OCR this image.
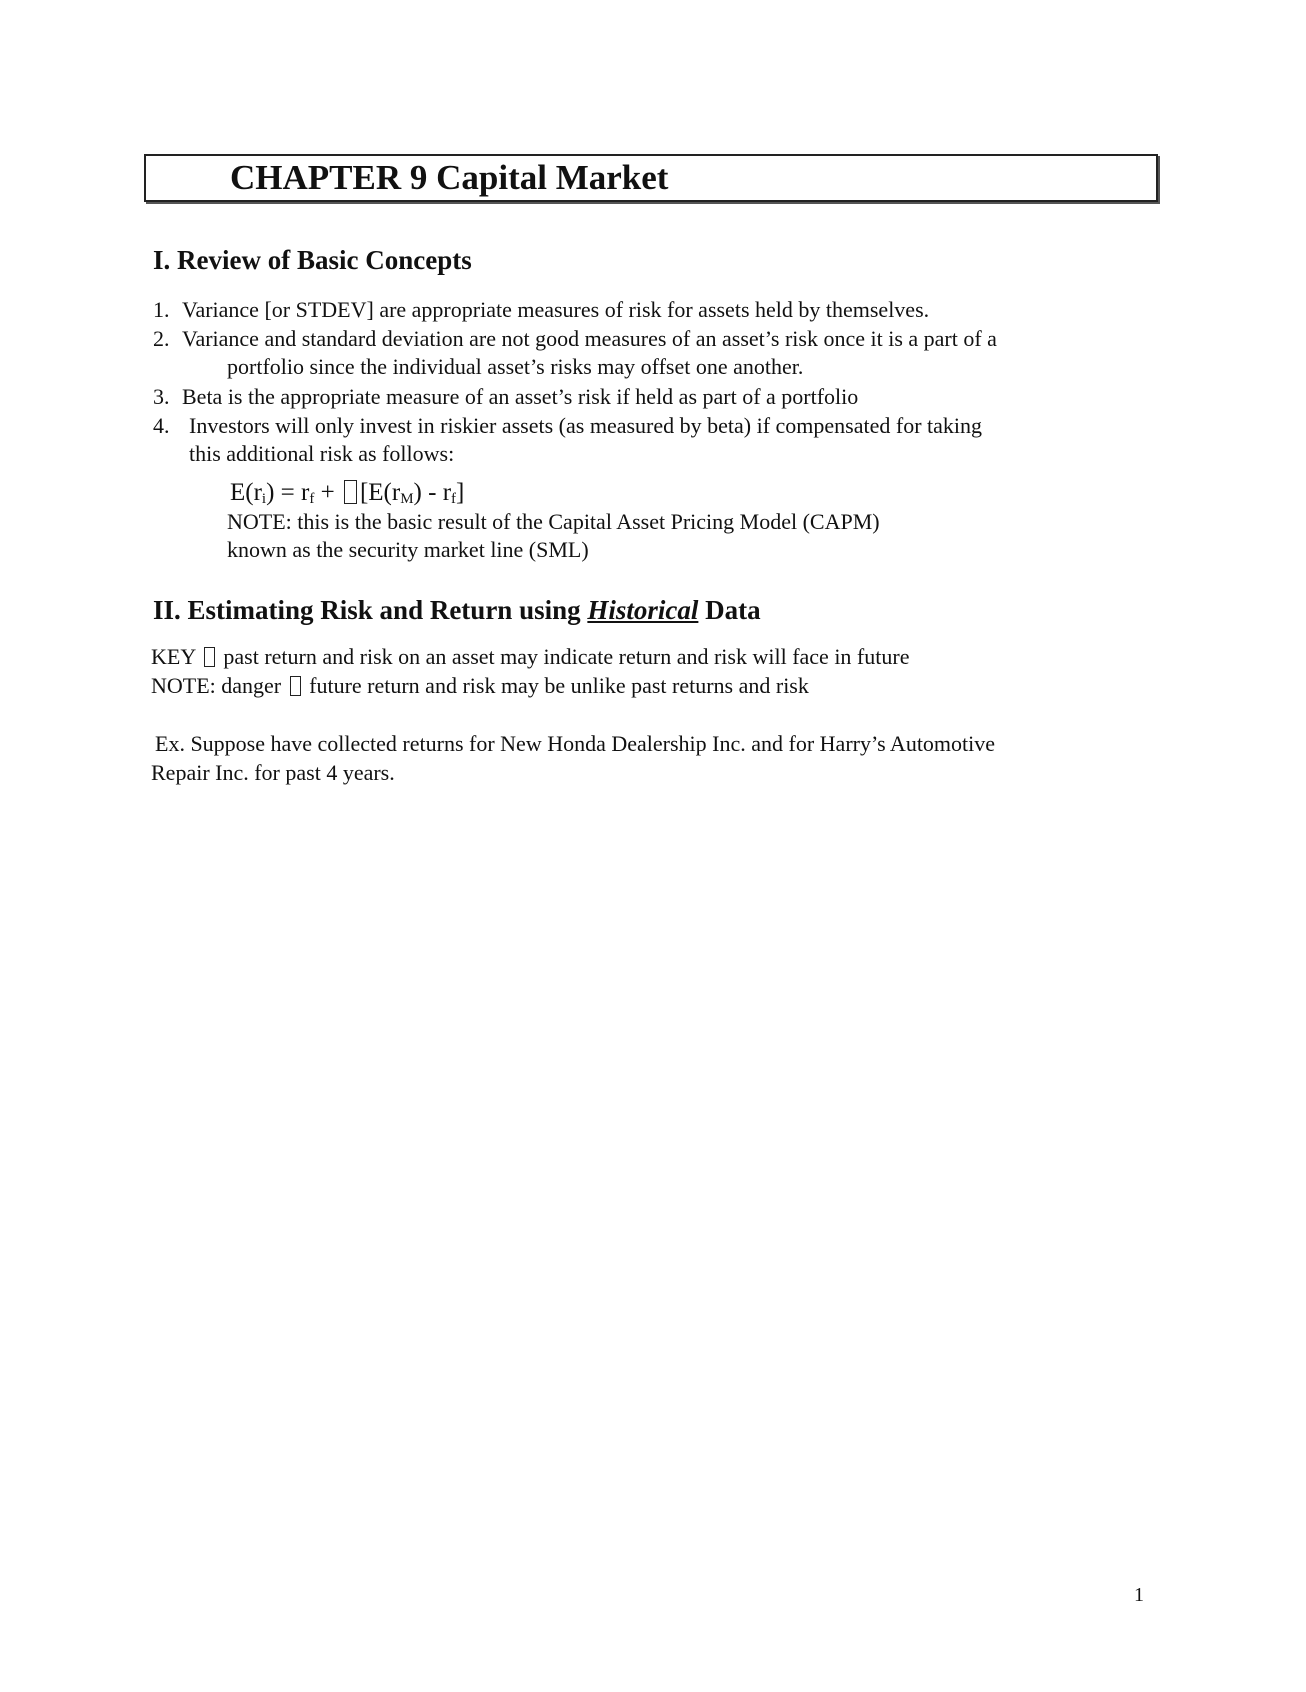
CHAPTER 9 Capital Market
I. Review of Basic Concepts
1. Variance [or STDEV] are appropriate measures of risk for assets held by themselves.
2. Variance and standard deviation are not good measures of an asset’s risk once it is a part of a
portfolio since the individual asset’s risks may offset one another.
3. Beta is the appropriate measure of an asset’s risk if held as part of a portfolio
4. Investors will only invest in riskier assets (as measured by beta) if compensated for taking
this additional risk as follows:
$E(r_i) = r_f + [E(r_M) - r_f]$
NOTE: this is the basic result of the Capital Asset Pricing Model (CAPM)
known as the security market line (SML)
II. Estimating Risk and Return using Historical Data
KEY  past return and risk on an asset may indicate return and risk will face in future
NOTE: danger  future return and risk may be unlike past returns and risk
Ex. Suppose have collected returns for New Honda Dealership Inc. and for Harry’s Automotive
Repair Inc. for past 4 years.
1
